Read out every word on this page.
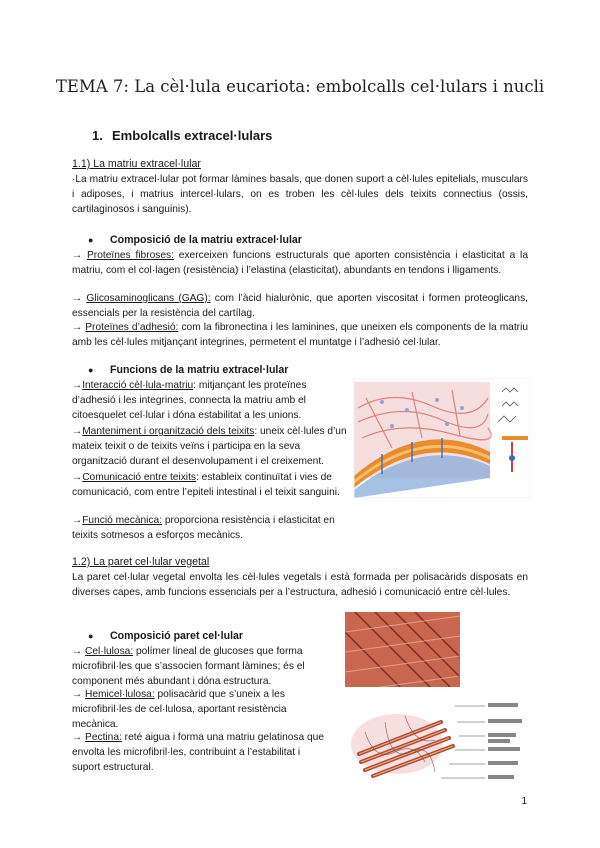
TEMA 7: La cèl·lula eucariota: embolcalls cel·lulars i nucli
1. Embolcalls extracel·lulars
1.1) La matriu extracel·lular

·La matriu extracel·lular pot formar làmines basals, que donen suport a cèl·lules epitelials, musculars i adiposes, i matrius intercel·lulars, on es troben les cèl·lules dels teixits connectius (ossis, cartilaginosos i sanguinis).

● Composició de la matriu extracel·lular

→ Proteïnes fibroses: exerceixen funcions estructurals que aporten consistència i elasticitat a la matriu, com el col·lagen (resistència) i l’elastina (elasticitat), abundants en tendons i lligaments.

→ Glicosaminoglicans (GAG): com l’àcid hialurònic, que aporten viscositat i formen proteoglicans, essencials per la resistència del cartílag.

→ Proteïnes d’adhesió: com la fibronectina i les laminines, que uneixen els components de la matriu amb les cèl·lules mitjançant integrines, permetent el muntatge i l’adhesió cel·lular.

● Funcions de la matriu extracel·lular

→Interacció cèl·lula-matriu: mitjançant les proteïnes d’adhesió i les integrines, connecta la matriu amb el citoesquelet cel·lular i dóna estabilitat a les unions.

→Manteniment i organització dels teixits: uneix cèl·lules d’un mateix teixit o de teixits veïns i participa en la seva organització durant el desenvolupament i el creixement.

→Comunicació entre teixits: estableix continuïtat i vies de comunicació, com entre l’epiteli intestinal i el teixit sanguini.

→Funció mecànica: proporciona resistència i elasticitat en teixits sotmesos a esforços mecànics.

1.2) La paret cel·lular vegetal

La paret cel·lular vegetal envolta les cèl·lules vegetals i està formada per polisacàrids disposats en diverses capes, amb funcions essencials per a l’estructura, adhesió i comunicació entre cèl·lules.

● Composició paret cel·lular

→ Cel·lulosa: polímer lineal de glucoses que forma microfibril·les que s’associen formant làmines; és el component més abundant i dóna estructura.

→ Hemicel·lulosa: polisacàrid que s’uneix a les microfibril·les de cel·lulosa, aportant resistència mecànica.

→ Pectina: reté aigua i forma una matriu gelatinosa que envolta les microfibril·les, contribuint a l’estabilitat i suport estructural.

1
